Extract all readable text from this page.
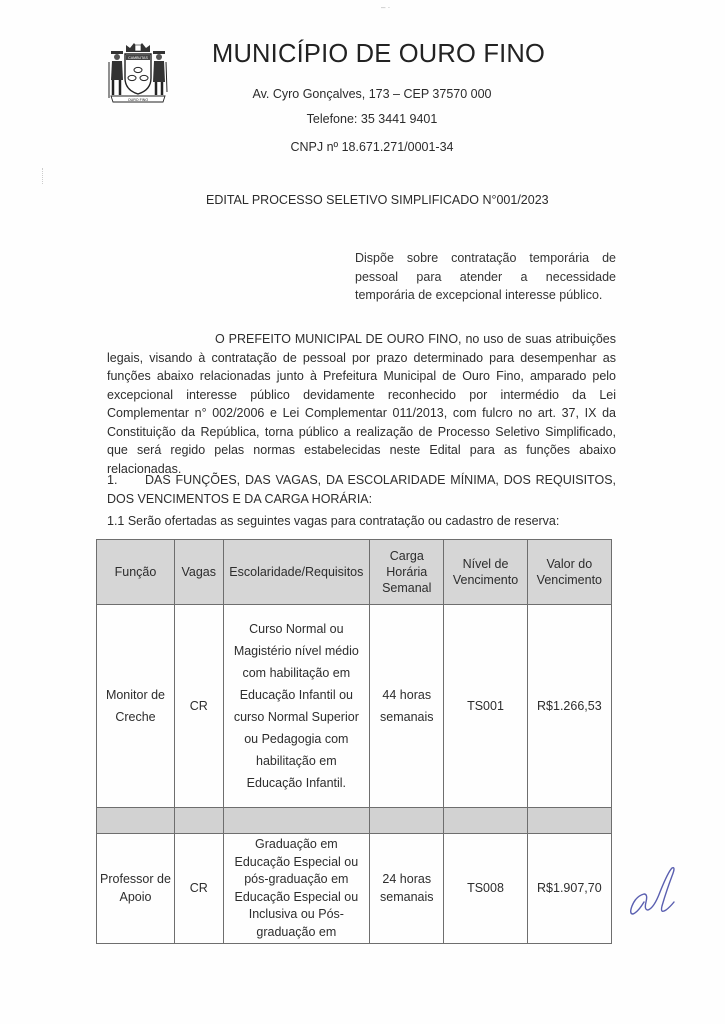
– ·
CAMBUTAS
OURO FINO
MUNICÍPIO DE OURO FINO
Av. Cyro Gonçalves, 173 – CEP 37570 000
Telefone: 35 3441 9401
CNPJ nº 18.671.271/0001-34
EDITAL PROCESSO SELETIVO SIMPLIFICADO N°001/2023
Dispõe sobre contratação temporária de pessoal para atender a necessidade temporária de excepcional interesse público.
O PREFEITO MUNICIPAL DE OURO FINO, no uso de suas atribuições legais, visando à contratação de pessoal por prazo determinado para desempenhar as funções abaixo relacionadas junto à Prefeitura Municipal de Ouro Fino, amparado pelo excepcional interesse público devidamente reconhecido por intermédio da Lei Complementar n° 002/2006 e Lei Complementar 011/2013, com fulcro no art. 37, IX da Constituição da República, torna público a realização de Processo Seletivo Simplificado, que será regido pelas normas estabelecidas neste Edital para as funções abaixo relacionadas.
1. DAS FUNÇÕES, DAS VAGAS, DA ESCOLARIDADE MÍNIMA, DOS REQUISITOS, DOS VENCIMENTOS E DA CARGA HORÁRIA:
1.1 Serão ofertadas as seguintes vagas para contratação ou cadastro de reserva:
Função	Vagas	Escolaridade/Requisitos	Carga Horária Semanal	Nível de Vencimento	Valor do Vencimento
Monitor de Creche	CR	Curso Normal ou Magistério nível médio com habilitação em Educação Infantil ou curso Normal Superior ou Pedagogia com habilitação em Educação Infantil.	44 horas semanais	TS001	R$1.266,53

Professor de Apoio	CR	Graduação em Educação Especial ou pós-graduação em Educação Especial ou Inclusiva ou Pós-graduação em	24 horas semanais	TS008	R$1.907,70
